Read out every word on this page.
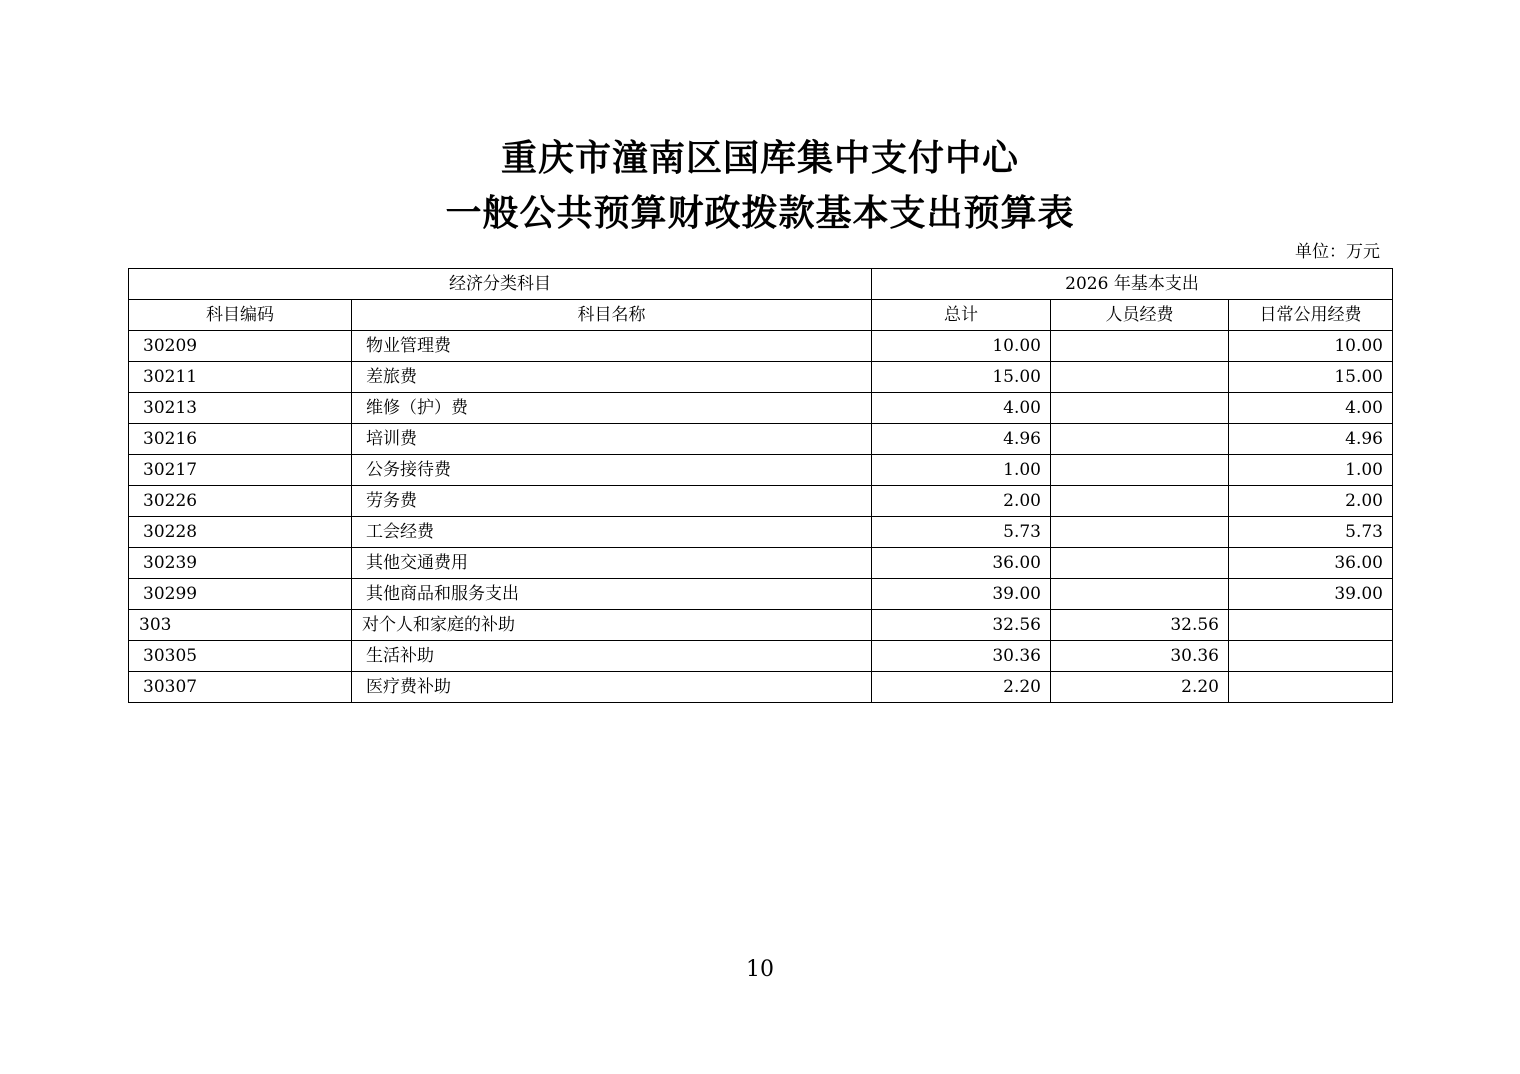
重庆市潼南区国库集中支付中心
一般公共预算财政拨款基本支出预算表
单位：万元
经济分类科目		2026 年基本支出		
科目编码	科目名称	总计	人员经费	日常公用经费
30209	物业管理费	10.00		10.00
30211	差旅费	15.00		15.00
30213	维修（护）费	4.00		4.00
30216	培训费	4.96		4.96
30217	公务接待费	1.00		1.00
30226	劳务费	2.00		2.00
30228	工会经费	5.73		5.73
30239	其他交通费用	36.00		36.00
30299	其他商品和服务支出	39.00		39.00
303	对个人和家庭的补助	32.56	32.56	
30305	生活补助	30.36	30.36	
30307	医疗费补助	2.20	2.20	
10
